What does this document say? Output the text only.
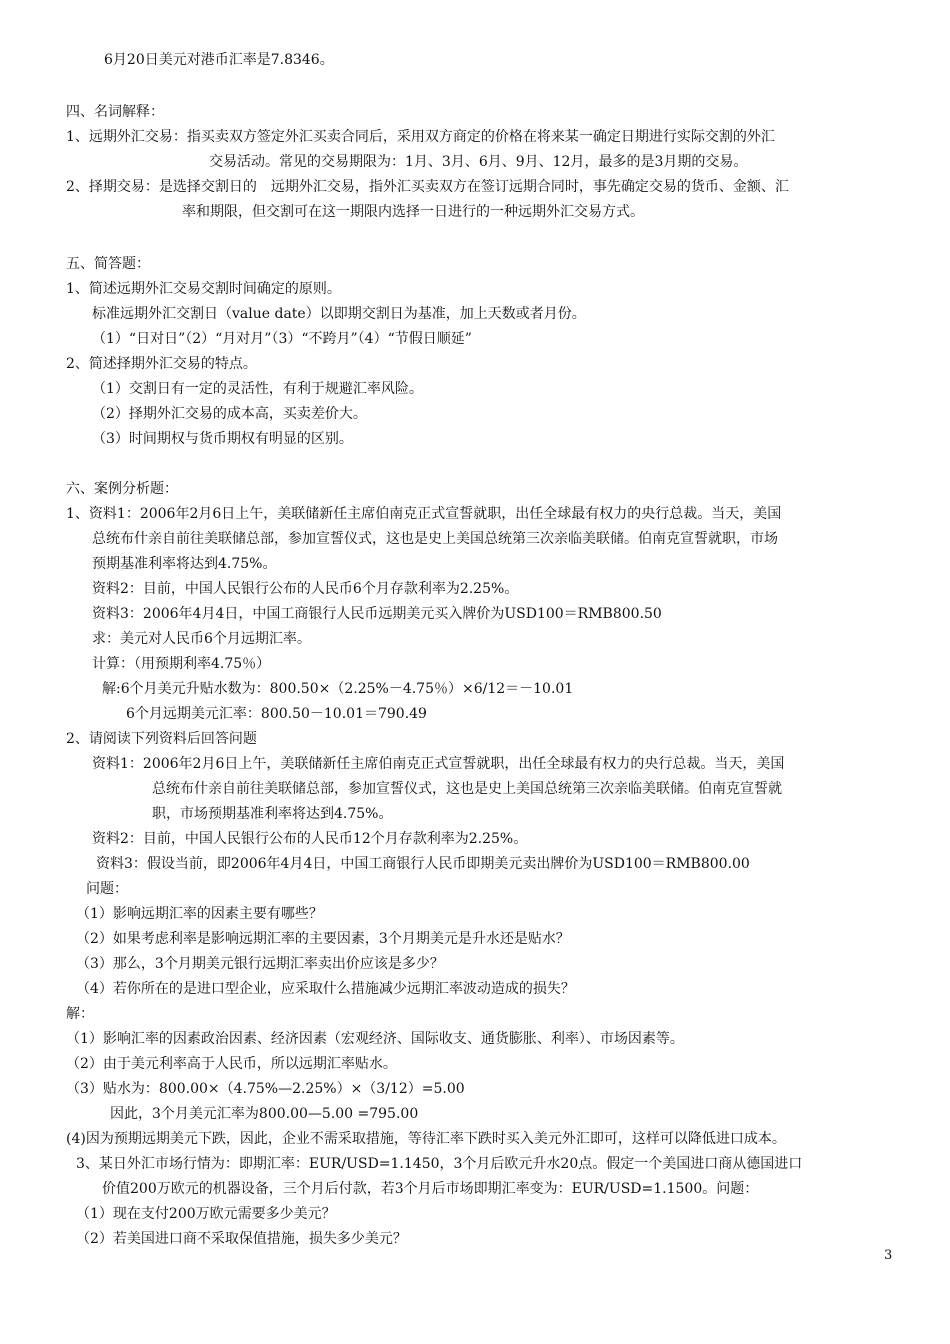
6月20日美元对港币汇率是7.8346。
四、名词解释：
1、远期外汇交易：指买卖双方签定外汇买卖合同后，采用双方商定的价格在将来某一确定日期进行实际交割的外汇
交易活动。常见的交易期限为：1月、3月、6月、9月、12月，最多的是3月期的交易。
2、择期交易：是选择交割日的　远期外汇交易，指外汇买卖双方在签订远期合同时，事先确定交易的货币、金额、汇
率和期限，但交割可在这一期限内选择一日进行的一种远期外汇交易方式。
五、简答题：
1、简述远期外汇交易交割时间确定的原则。
标准远期外汇交割日（value date）以即期交割日为基准，加上天数或者月份。
（1）“日对日”（2）“月对月”（3）“不跨月”（4）“节假日顺延”
2、简述择期外汇交易的特点。
（1）交割日有一定的灵活性，有利于规避汇率风险。
（2）择期外汇交易的成本高，买卖差价大。
（3）时间期权与货币期权有明显的区别。
六、案例分析题：
1、资料1：2006年2月6日上午，美联储新任主席伯南克正式宣誓就职，出任全球最有权力的央行总裁。当天，美国
总统布什亲自前往美联储总部，参加宣誓仪式，这也是史上美国总统第三次亲临美联储。伯南克宣誓就职，市场
预期基准利率将达到4.75%。
资料2：目前，中国人民银行公布的人民币6个月存款利率为2.25%。
资料3：2006年4月4日，中国工商银行人民币远期美元买入牌价为USD100＝RMB800.50
求：美元对人民币6个月远期汇率。
计算：（用预期利率4.75％）
解:6个月美元升贴水数为：800.50×（2.25%－4.75％）×6/12＝－10.01
6个月远期美元汇率：800.50－10.01＝790.49
2、请阅读下列资料后回答问题
资料1：2006年2月6日上午，美联储新任主席伯南克正式宣誓就职，出任全球最有权力的央行总裁。当天，美国
总统布什亲自前往美联储总部，参加宣誓仪式，这也是史上美国总统第三次亲临美联储。伯南克宣誓就
职，市场预期基准利率将达到4.75%。
资料2：目前，中国人民银行公布的人民币12个月存款利率为2.25%。
资料3：假设当前，即2006年4月4日，中国工商银行人民币即期美元卖出牌价为USD100＝RMB800.00
问题：
（1）影响远期汇率的因素主要有哪些？
（2）如果考虑利率是影响远期汇率的主要因素，3个月期美元是升水还是贴水？
（3）那么，3个月期美元银行远期汇率卖出价应该是多少？
（4）若你所在的是进口型企业，应采取什么措施减少远期汇率波动造成的损失？
解：
（1）影响汇率的因素政治因素、经济因素（宏观经济、国际收支、通货膨胀、利率）、市场因素等。
（2）由于美元利率高于人民币，所以远期汇率贴水。
（3）贴水为：800.00×（4.75%—2.25%）×（3/12）=5.00
因此，3个月美元汇率为800.00—5.00 =795.00
(4)因为预期远期美元下跌，因此，企业不需采取措施，等待汇率下跌时买入美元外汇即可，这样可以降低进口成本。
3、某日外汇市场行情为：即期汇率：EUR/USD=1.1450，3个月后欧元升水20点。假定一个美国进口商从德国进口
价值200万欧元的机器设备，三个月后付款，若3个月后市场即期汇率变为：EUR/USD=1.1500。问题：
（1）现在支付200万欧元需要多少美元？
（2）若美国进口商不采取保值措施，损失多少美元？
3
